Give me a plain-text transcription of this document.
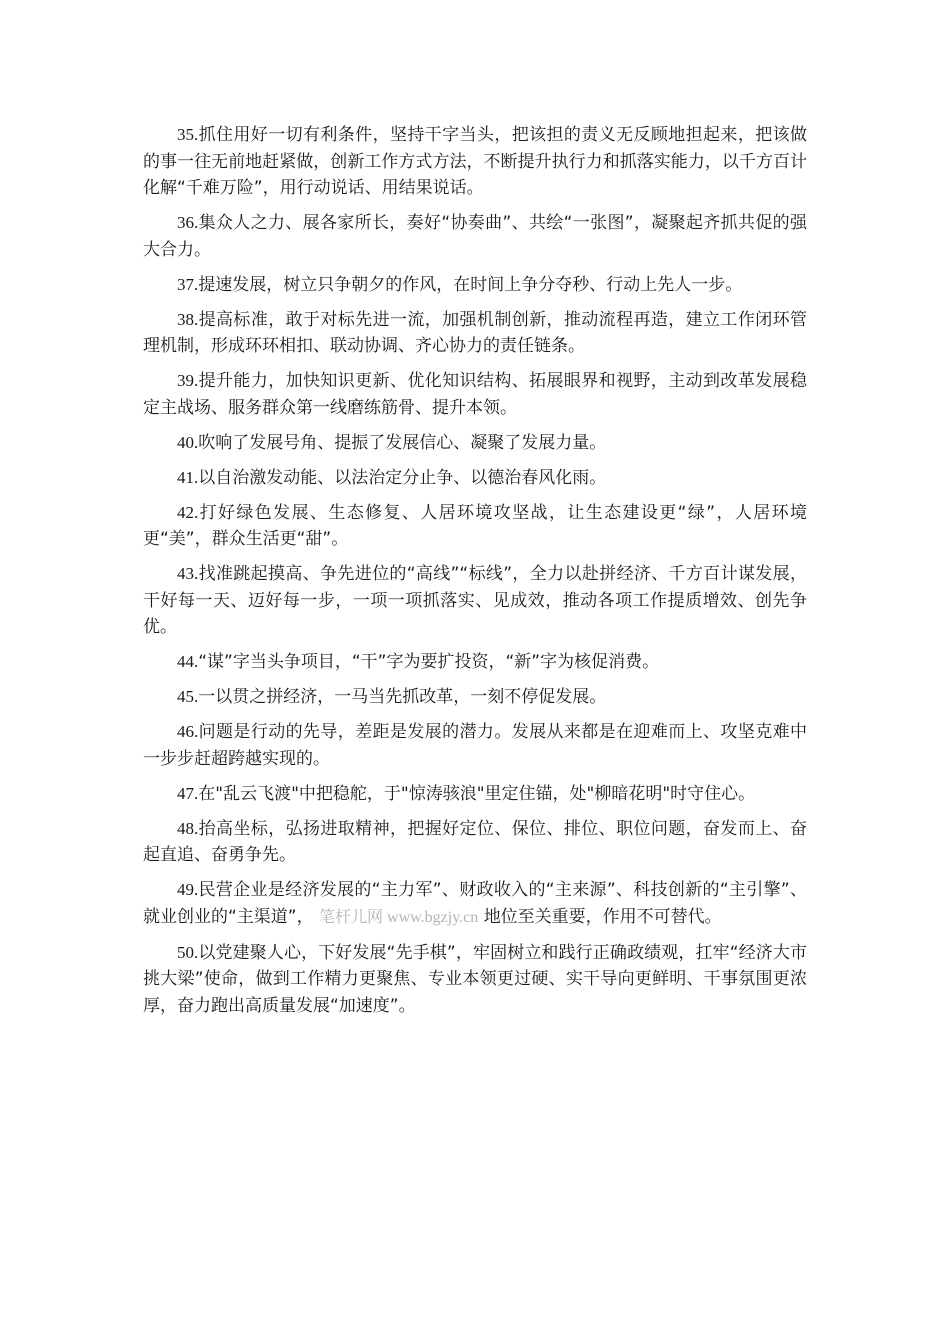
35.抓住用好一切有利条件，坚持干字当头，把该担的责义无反顾地担起来，把该做的事一往无前地赶紧做，创新工作方式方法，不断提升执行力和抓落实能力，以千方百计化解“千难万险”，用行动说话、用结果说话。

36.集众人之力、展各家所长，奏好“协奏曲”、共绘“一张图”，凝聚起齐抓共促的强大合力。

37.提速发展，树立只争朝夕的作风，在时间上争分夺秒、行动上先人一步。

38.提高标准，敢于对标先进一流，加强机制创新，推动流程再造，建立工作闭环管理机制，形成环环相扣、联动协调、齐心协力的责任链条。

39.提升能力，加快知识更新、优化知识结构、拓展眼界和视野，主动到改革发展稳定主战场、服务群众第一线磨练筋骨、提升本领。

40.吹响了发展号角、提振了发展信心、凝聚了发展力量。

41.以自治激发动能、以法治定分止争、以德治春风化雨。

42.打好绿色发展、生态修复、人居环境攻坚战，让生态建设更“绿”，人居环境更“美”，群众生活更“甜”。

43.找准跳起摸高、争先进位的“高线”“标线”，全力以赴拼经济、千方百计谋发展，干好每一天、迈好每一步，一项一项抓落实、见成效，推动各项工作提质增效、创先争优。

44.“谋”字当头争项目，“干”字为要扩投资，“新”字为核促消费。

45.一以贯之拼经济，一马当先抓改革，一刻不停促发展。

46.问题是行动的先导，差距是发展的潜力。发展从来都是在迎难而上、攻坚克难中一步步赶超跨越实现的。

47.在"乱云飞渡"中把稳舵，于"惊涛骇浪"里定住锚，处"柳暗花明"时守住心。

48.抬高坐标，弘扬进取精神，把握好定位、保位、排位、职位问题，奋发而上、奋起直追、奋勇争先。

49.民营企业是经济发展的“主力军”、财政收入的“主来源”、科技创新的“主引擎”、就业创业的“主渠道”， 笔杆儿网 www.bgzjy.cn 地位至关重要，作用不可替代。

50.以党建聚人心，下好发展“先手棋”，牢固树立和践行正确政绩观，扛牢“经济大市挑大梁”使命，做到工作精力更聚焦、专业本领更过硬、实干导向更鲜明、干事氛围更浓厚，奋力跑出高质量发展“加速度”。
